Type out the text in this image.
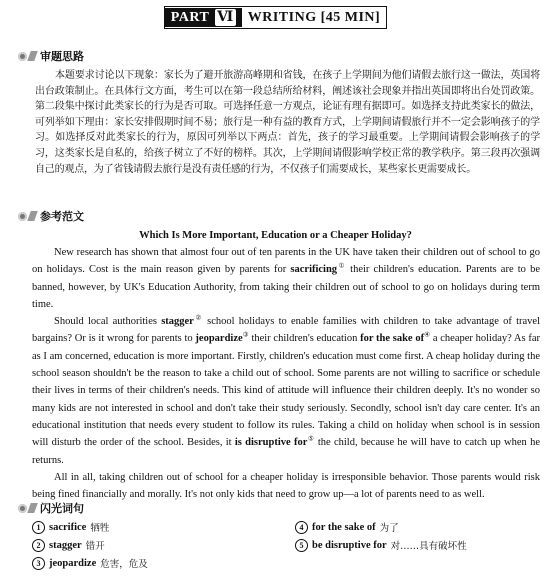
PART Ⅵ WRITING [45 MIN]
审题思路
本题要求讨论以下现象：家长为了避开旅游高峰期和省钱，在孩子上学期间为他们请假去旅行这一做法，英国将出台政策制止。在具体行文方面，考生可以在第一段总结所给材料，阐述该社会现象并指出英国即将出台处罚政策。第二段集中探讨此类家长的行为是否可取。可选择任意一方观点，论证有理有据即可。如选择支持此类家长的做法，可列举如下理由：家长安排假期时间不易；旅行是一种有益的教育方式，上学期间请假旅行并不一定会影响孩子的学习。如选择反对此类家长的行为，原因可列举以下两点：首先，孩子的学习最重要。上学期间请假会影响孩子的学习，这类家长是自私的，给孩子树立了不好的榜样。其次，上学期间请假影响学校正常的教学秩序。第三段再次强调自己的观点，为了省钱请假去旅行是没有责任感的行为，不仅孩子们需要成长，某些家长更需要成长。
参考范文
Which Is More Important, Education or a Cheaper Holiday?

New research has shown that almost four out of ten parents in the UK have taken their children out of school to go on holidays. Cost is the main reason given by parents for sacrificing① their children's education. Parents are to be banned, however, by UK's Education Authority, from taking their children out of school to go on holidays during term time.

Should local authorities stagger② school holidays to enable families with children to take advantage of travel bargains? Or is it wrong for parents to jeopardize③ their children's education for the sake of④ a cheaper holiday? As far as I am concerned, education is more important. Firstly, children's education must come first. A cheap holiday during the school season shouldn't be the reason to take a child out of school. Some parents are not willing to sacrifice or schedule their lives in terms of their children's needs. This kind of attitude will influence their children deeply. It's no wonder so many kids are not interested in school and don't take their study seriously. Secondly, school isn't day care center. It's an educational institution that needs every student to follow its rules. Taking a child on holiday when school is in session will disturb the order of the school. Besides, it is disruptive for⑤ the child, because he will have to catch up when he returns.

All in all, taking children out of school for a cheaper holiday is irresponsible behavior. Those parents would risk being fined financially and morally. It's not only kids that need to grow up—a lot of parents need to as well.

闪光词句
1 sacrifice 牺牲	4 for the sake of 为了
2 stagger 错开	5 be disruptive for 对……具有破坏性
3 jeopardize 危害，危及
